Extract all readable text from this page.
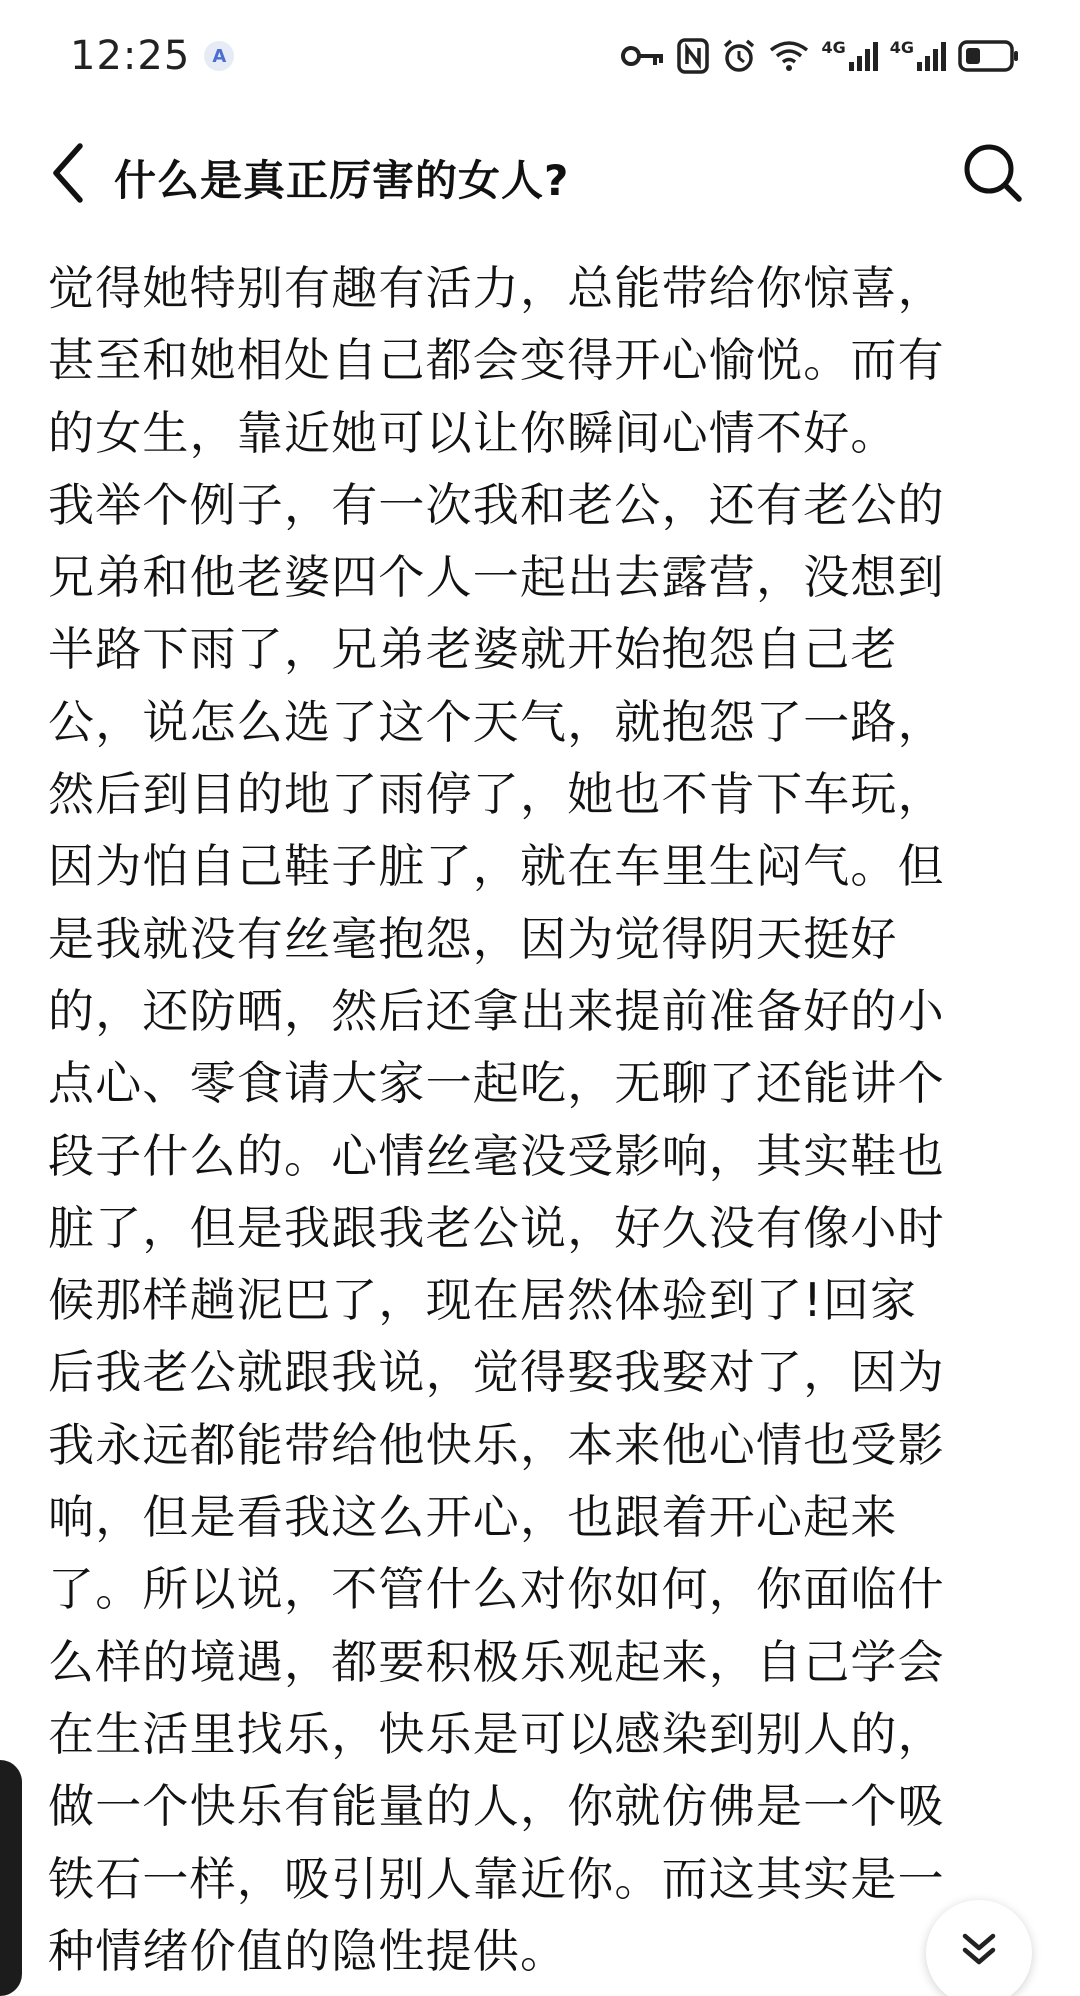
12:25	A	4G	4G
什么是真正厉害的女人?
觉得她特别有趣有活力，总能带给你惊喜，
甚至和她相处自己都会变得开心愉悦。而有
的女生，靠近她可以让你瞬间心情不好。
我举个例子，有一次我和老公，还有老公的
兄弟和他老婆四个人一起出去露营，没想到
半路下雨了，兄弟老婆就开始抱怨自己老
公，说怎么选了这个天气，就抱怨了一路，
然后到目的地了雨停了，她也不肯下车玩，
因为怕自己鞋子脏了，就在车里生闷气。但
是我就没有丝毫抱怨，因为觉得阴天挺好
的，还防晒，然后还拿出来提前准备好的小
点心、零食请大家一起吃，无聊了还能讲个
段子什么的。心情丝毫没受影响，其实鞋也
脏了，但是我跟我老公说，好久没有像小时
候那样趟泥巴了，现在居然体验到了!回家
后我老公就跟我说，觉得娶我娶对了，因为
我永远都能带给他快乐，本来他心情也受影
响，但是看我这么开心，也跟着开心起来
了。所以说，不管什么对你如何，你面临什
么样的境遇，都要积极乐观起来，自己学会
在生活里找乐，快乐是可以感染到别人的，
做一个快乐有能量的人，你就仿佛是一个吸
铁石一样，吸引别人靠近你。而这其实是一
种情绪价值的隐性提供。
